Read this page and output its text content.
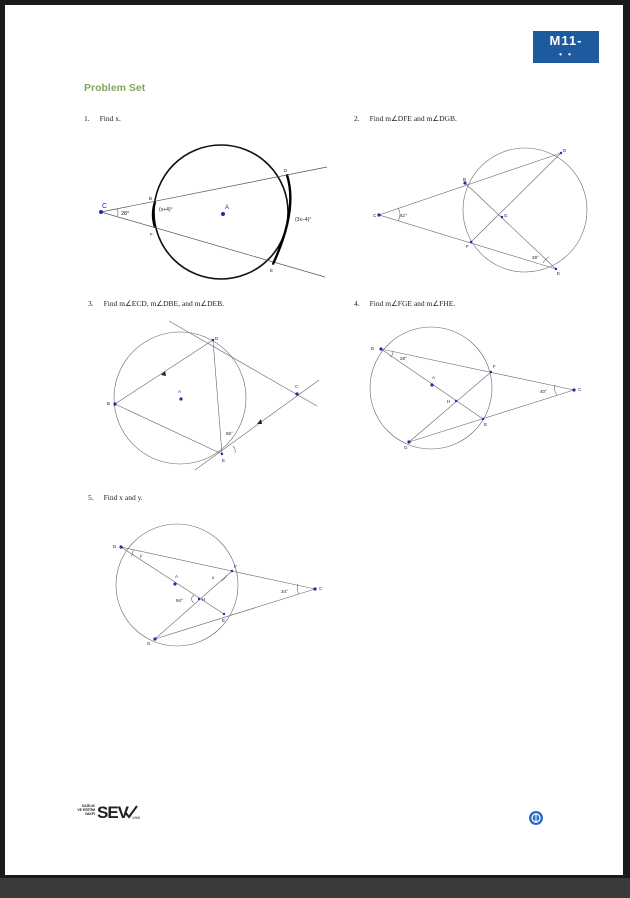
M11-
• •
Problem Set
1. Find x.	2. Find m∠DFE and m∠DGB.
3. Find m∠ECD, m∠DBE, and m∠DEB.	4. Find m∠FGE and m∠FHE.
5. Find x and y.
C	A
B
F
D
E
28°
(x+4)°
(3x−4)°
C
B
D
F
E
G
42°
28°
B
D
E
C
A
56°
D
A
F
H
C
E
G
28°
40°
D
A
F
H
C
E
G
y
x
94°
34°
SAĞLIK VE EĞİTİM VAKFI SEV 1968
